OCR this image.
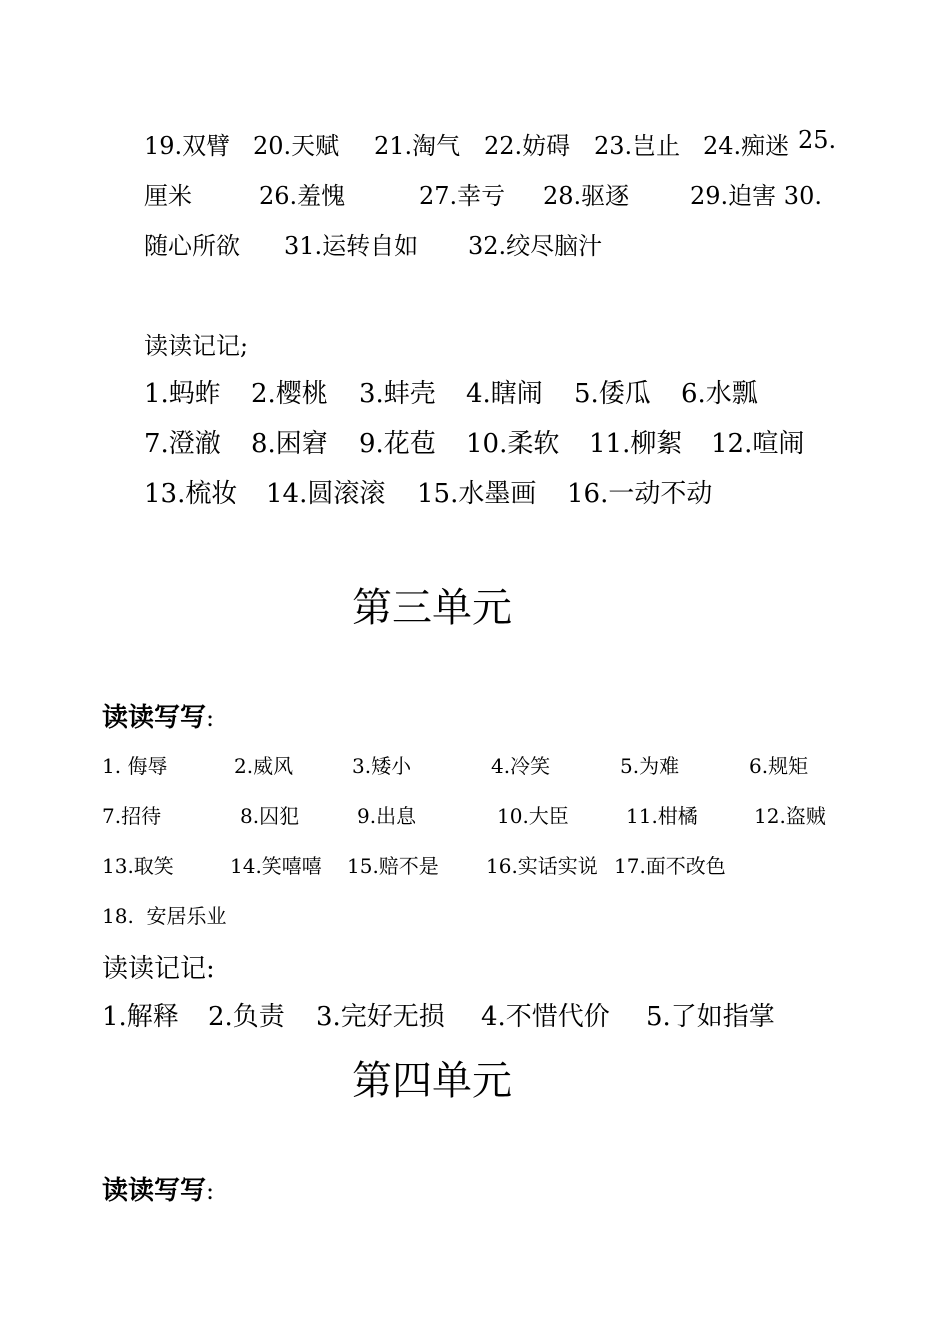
19.双臂 20.天赋 21.淘气 22.妨碍 23.岂止 24.痴迷 25.
厘米	26.羞愧	27.幸亏 28.驱逐	29.迫害 30.
随心所欲 31.运转自如 32.绞尽脑汁
读读记记;
1.蚂蚱 2.樱桃 3.蚌壳 4.瞎闹 5.倭瓜 6.水瓢
7.澄澈 8.困窘 9.花苞 10.柔软 11.柳絮 12.喧闹
13.梳妆 14.圆滚滚 15.水墨画 16.一动不动
第三单元
读读写写:
1. 侮辱	2.威风	3.矮小	4.冷笑	5.为难	6.规矩
7.招待	8.囚犯	9.出息	10.大臣	11.柑橘	12.盗贼
13.取笑	14.笑嘻嘻 15.赔不是 16.实话实说 17.面不改色
18.  安居乐业
读读记记:
1.解释 2.负责 3.完好无损 4.不惜代价 5.了如指掌
第四单元
读读写写:
